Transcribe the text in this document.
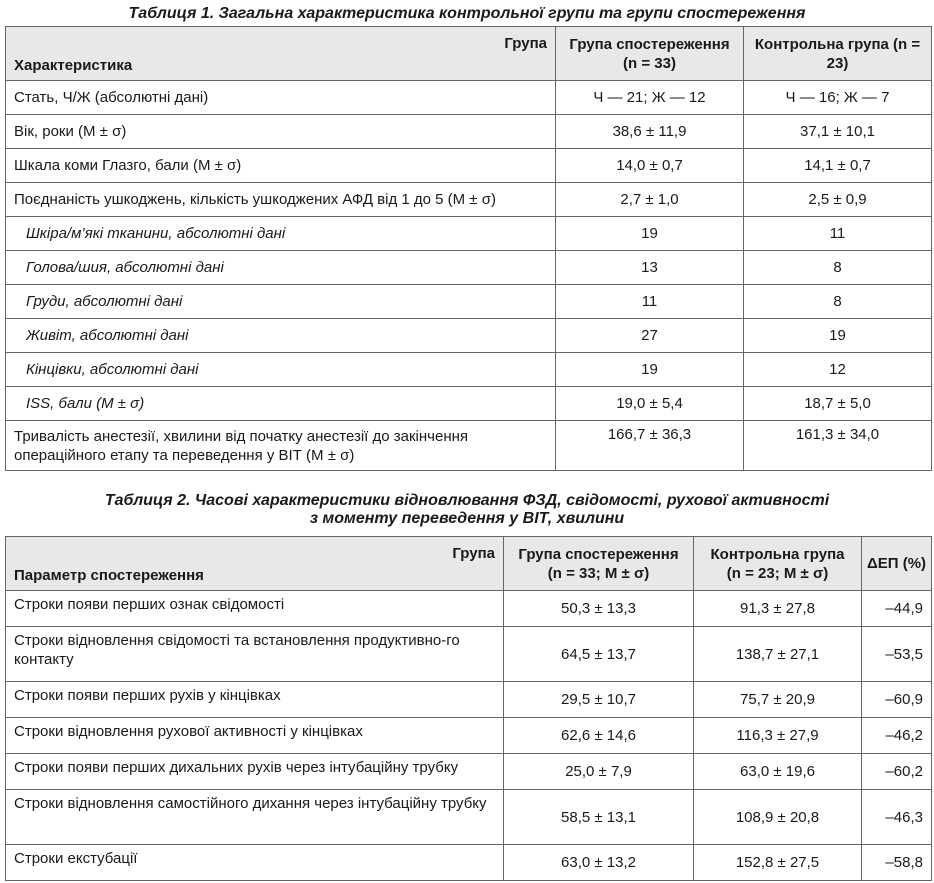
Таблиця 1. Загальна характеристика контрольної групи та групи спостереження

Група
Характеристика	Група спостереження (n = 33)	Контрольна група (n = 23)
Стать, Ч/Ж (абсолютні дані)	Ч — 21; Ж — 12	Ч — 16; Ж — 7
Вік, роки (M ± σ)	38,6 ± 11,9	37,1 ± 10,1
Шкала коми Глазго, бали (M ± σ)	14,0 ± 0,7	14,1 ± 0,7
Поєднаність ушкоджень, кількість ушкоджених АФД від 1 до 5 (M ± σ)	2,7 ± 1,0	2,5 ± 0,9
Шкіра/м’які тканини, абсолютні дані	19	11
Голова/шия, абсолютні дані	13	8
Груди, абсолютні дані	11	8
Живіт, абсолютні дані	27	19
Кінцівки, абсолютні дані	19	12
ISS, бали (M ± σ)	19,0 ± 5,4	18,7 ± 5,0
Тривалість анестезії, хвилини від початку анестезії до закінчення операційного етапу та переведення у ВІТ (M ± σ)	166,7 ± 36,3	161,3 ± 34,0

Таблиця 2. Часові характеристики відновлювання ФЗД, свідомості, рухової активності

з моменту переведення у ВІТ, хвилини

Група
Параметр спостереження	Група спостереження (n = 33; M ± σ)	Контрольна група (n = 23; M ± σ)	ΔЕП (%)
Строки появи перших ознак свідомості	50,3 ± 13,3	91,3 ± 27,8	–44,9
Строки відновлення свідомості та встановлення продуктивно-го контакту	64,5 ± 13,7	138,7 ± 27,1	–53,5
Строки появи перших рухів у кінцівках	29,5 ± 10,7	75,7 ± 20,9	–60,9
Строки відновлення рухової активності у кінцівках	62,6 ± 14,6	116,3 ± 27,9	–46,2
Строки появи перших дихальних рухів через інтубаційну трубку	25,0 ± 7,9	63,0 ± 19,6	–60,2
Строки відновлення самостійного дихання через інтубаційну трубку	58,5 ± 13,1	108,9 ± 20,8	–46,3
Строки екстубації	63,0 ± 13,2	152,8 ± 27,5	–58,8
